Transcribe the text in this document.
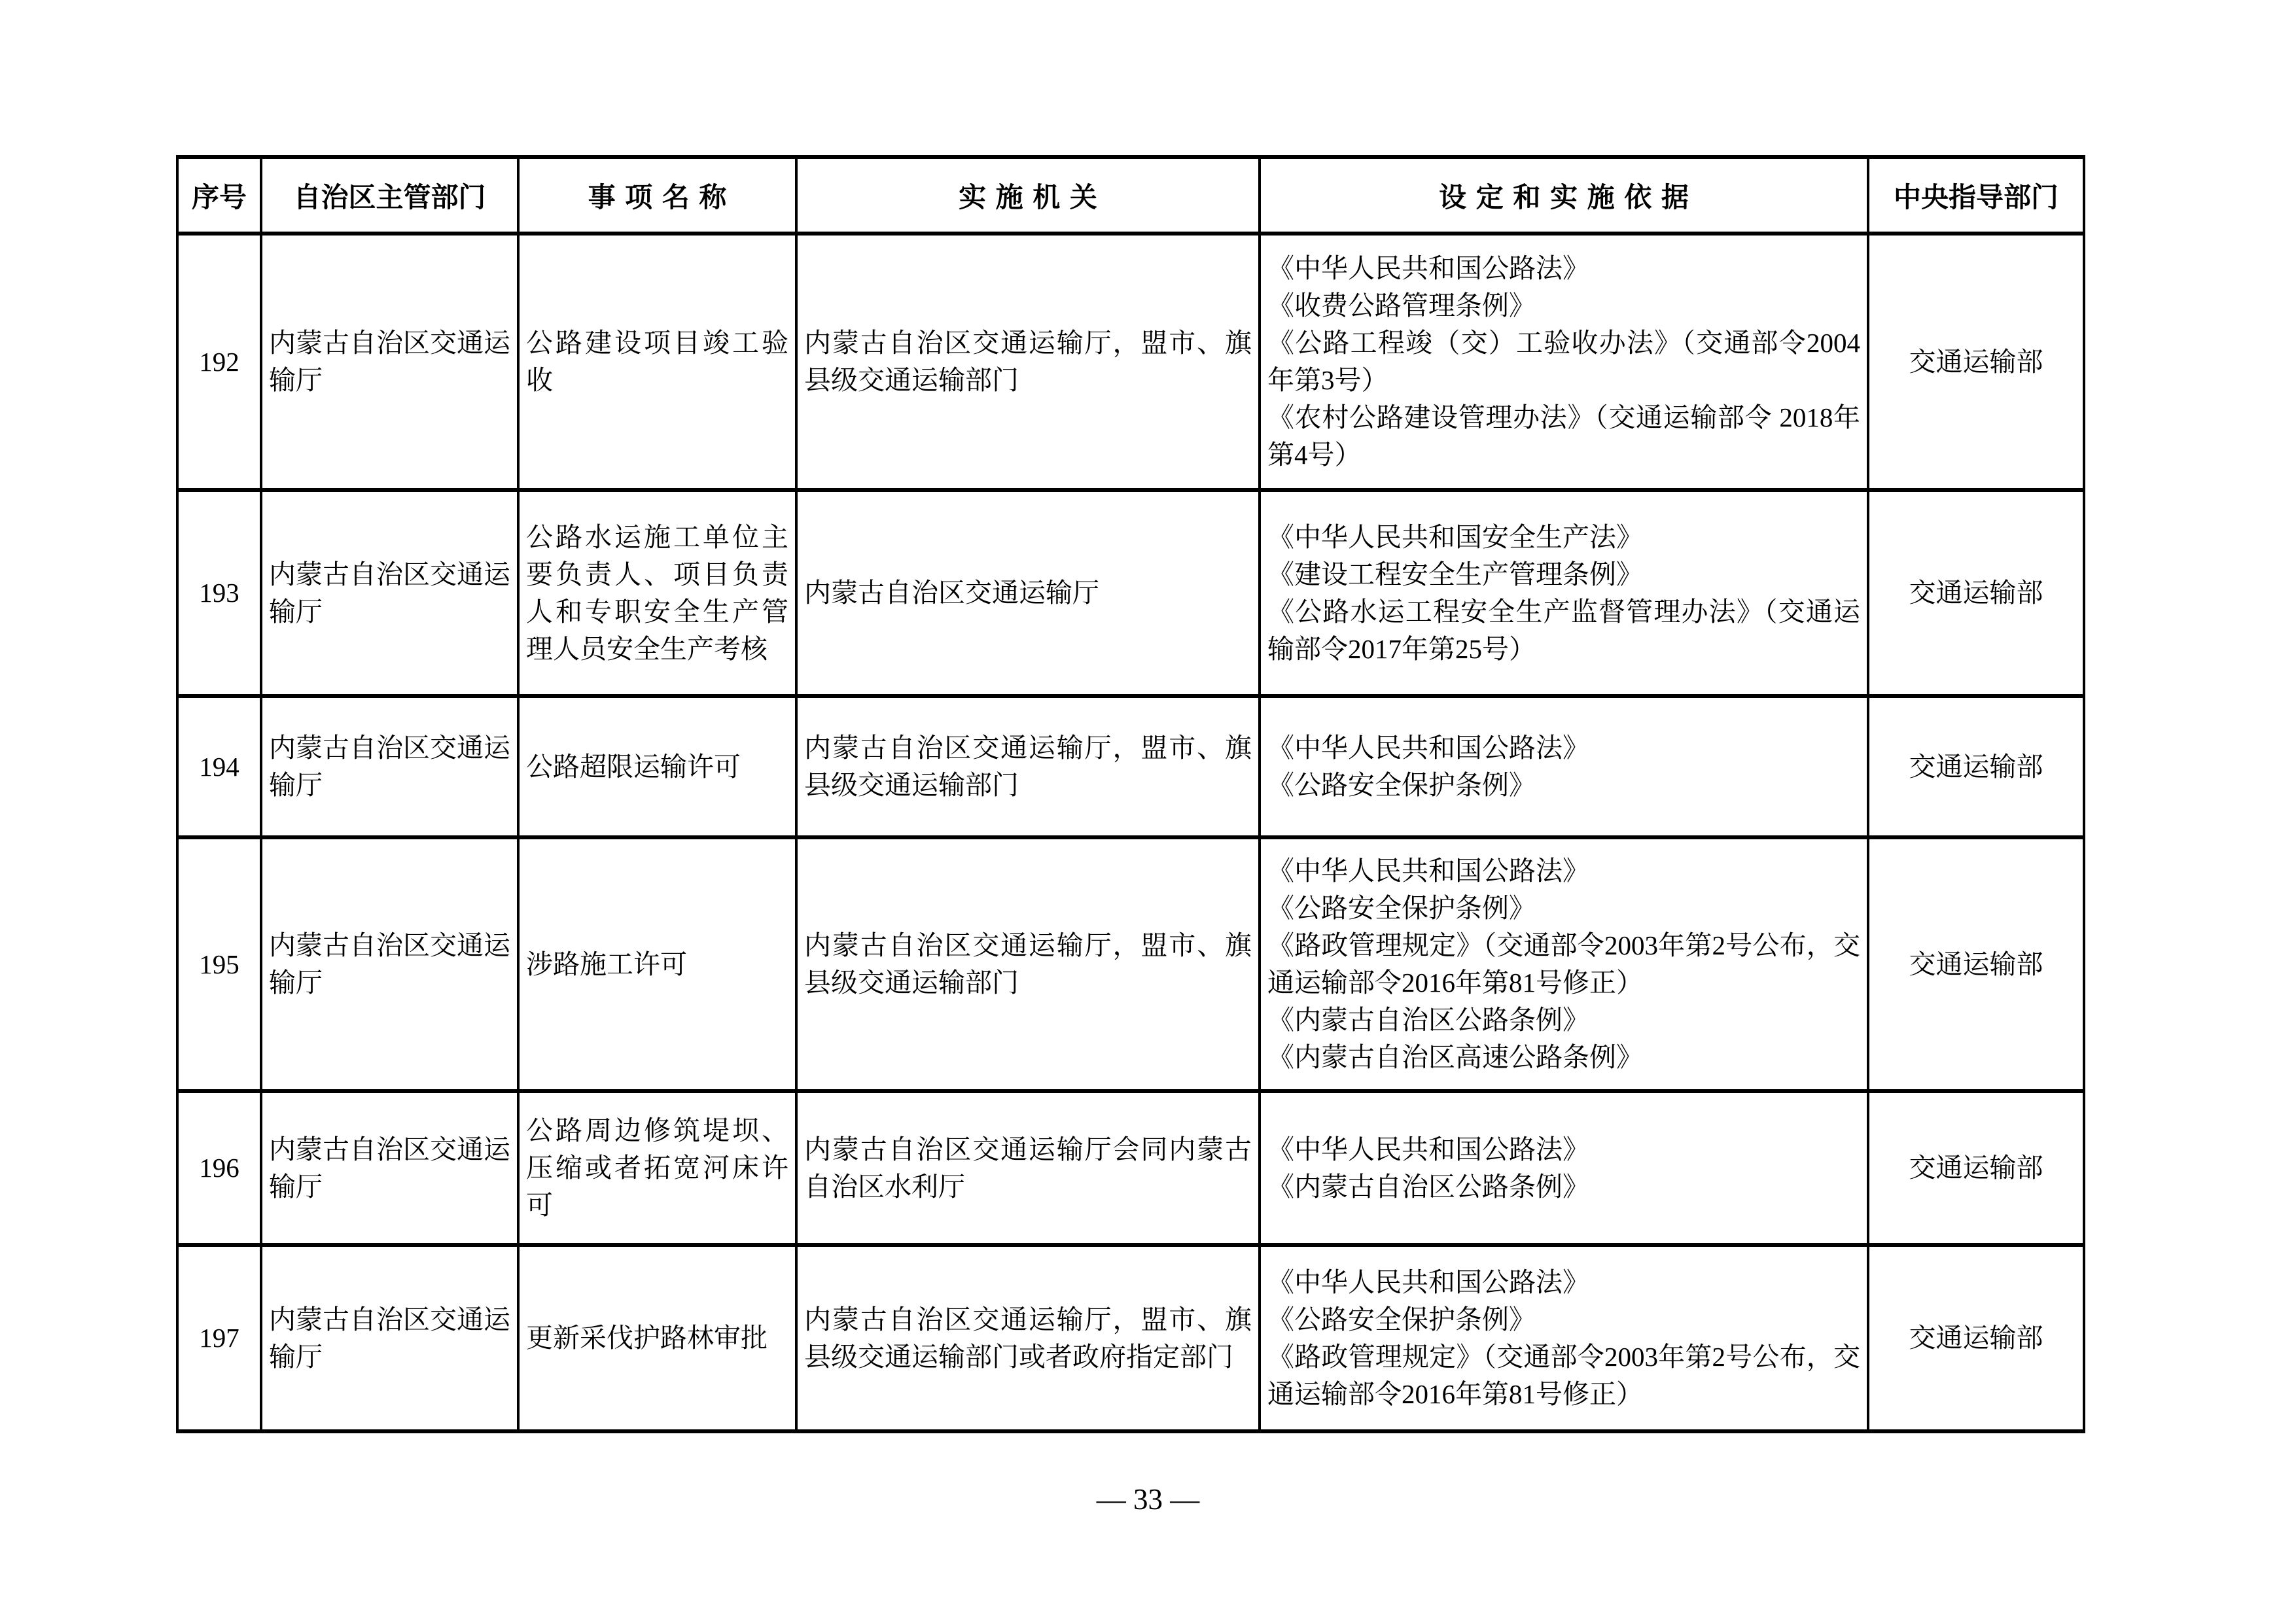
序号	自治区主管部门	事 项 名 称	实 施 机 关	设 定 和 实 施 依 据	中央指导部门
192	内蒙古自治区交通运输厅	公路建设项目竣工验收	内蒙古自治区交通运输厅，盟市、旗县级交通运输部门	《中华人民共和国公路法》

《收费公路管理条例》

《公路工程竣（交）工验收办法》（交通部令2004年第3号）

《农村公路建设管理办法》（交通运输部令 2018年第4号）	交通运输部
193	内蒙古自治区交通运输厅	公路水运施工单位主要负责人、项目负责人和专职安全生产管理人员安全生产考核	内蒙古自治区交通运输厅	《中华人民共和国安全生产法》

《建设工程安全生产管理条例》

《公路水运工程安全生产监督管理办法》（交通运输部令2017年第25号）	交通运输部
194	内蒙古自治区交通运输厅	公路超限运输许可	内蒙古自治区交通运输厅，盟市、旗县级交通运输部门	《中华人民共和国公路法》

《公路安全保护条例》	交通运输部
195	内蒙古自治区交通运输厅	涉路施工许可	内蒙古自治区交通运输厅，盟市、旗县级交通运输部门	《中华人民共和国公路法》

《公路安全保护条例》

《路政管理规定》（交通部令2003年第2号公布，交通运输部令2016年第81号修正）

《内蒙古自治区公路条例》

《内蒙古自治区高速公路条例》	交通运输部
196	内蒙古自治区交通运输厅	公路周边修筑堤坝、压缩或者拓宽河床许可	内蒙古自治区交通运输厅会同内蒙古自治区水利厅	《中华人民共和国公路法》

《内蒙古自治区公路条例》	交通运输部
197	内蒙古自治区交通运输厅	更新采伐护路林审批	内蒙古自治区交通运输厅，盟市、旗县级交通运输部门或者政府指定部门	《中华人民共和国公路法》

《公路安全保护条例》

《路政管理规定》（交通部令2003年第2号公布，交通运输部令2016年第81号修正）	交通运输部
— 33 —
